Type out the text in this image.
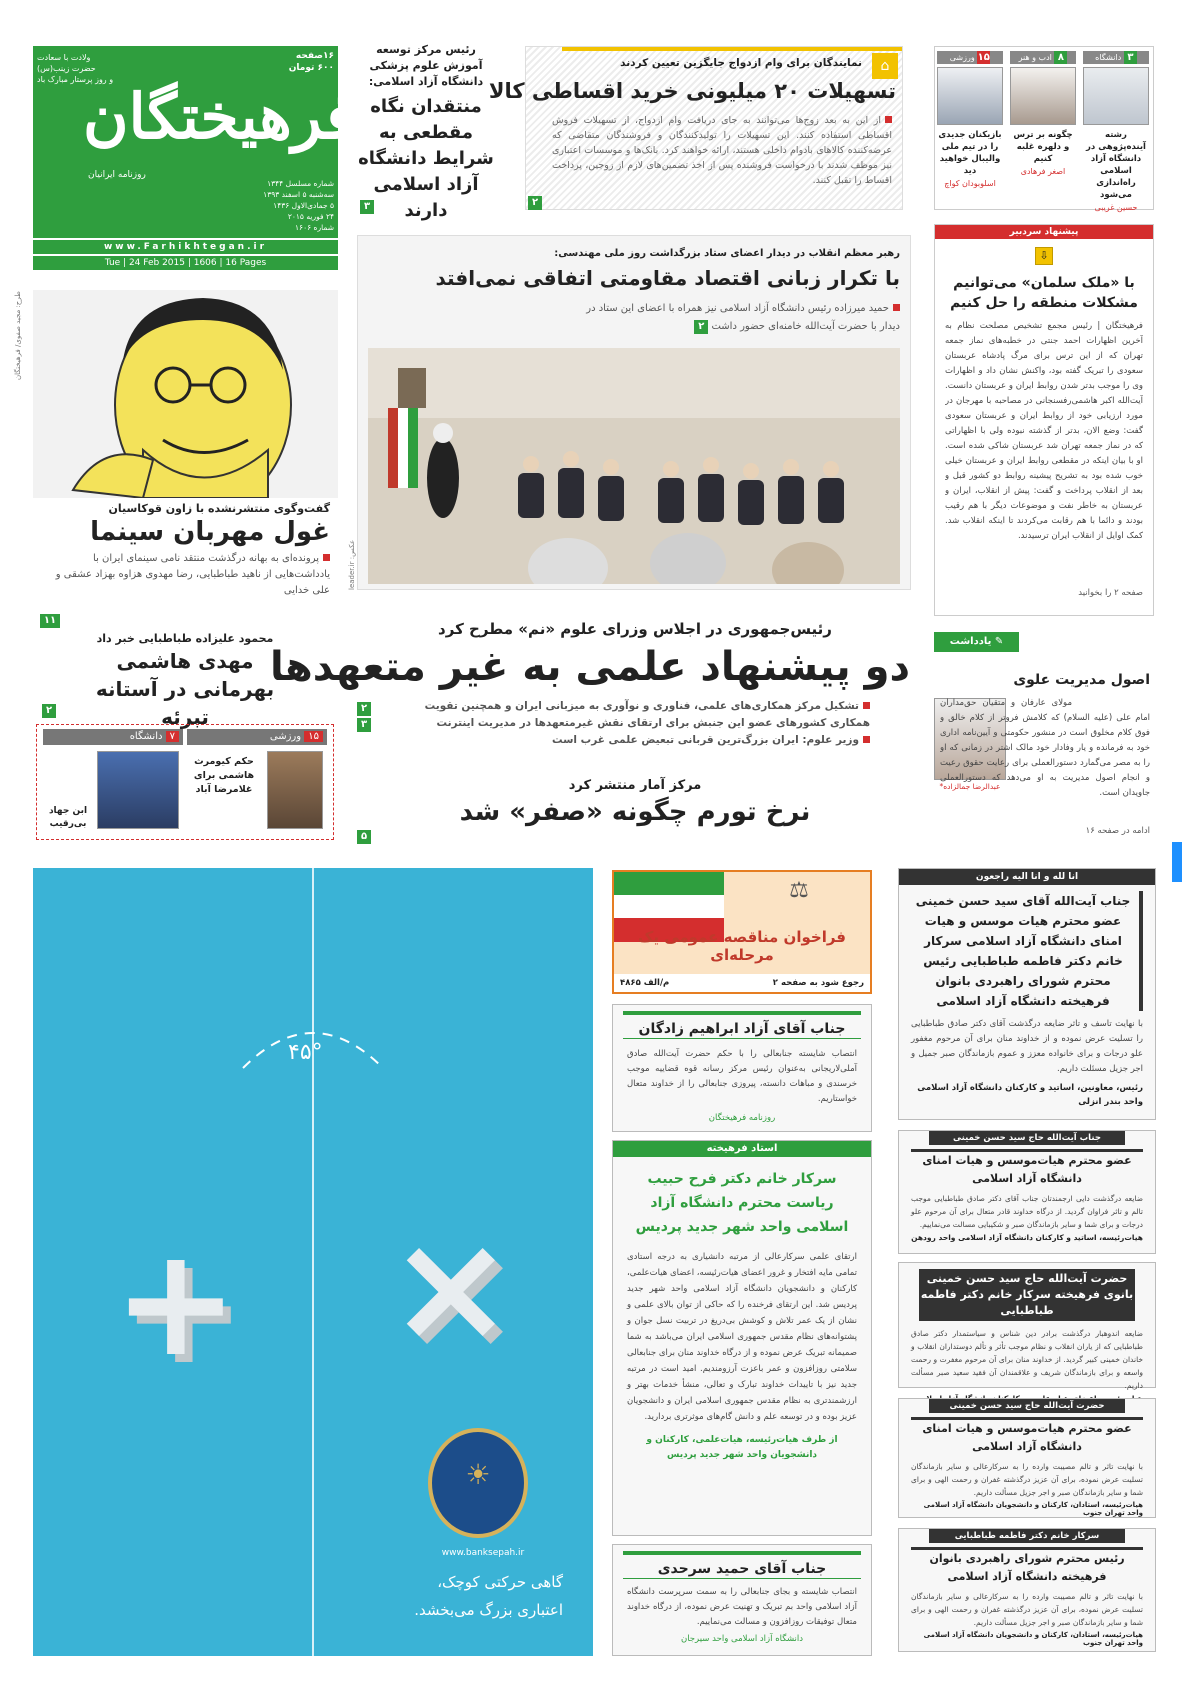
فرهیختگان
روزنامه ایرانیان
ولادت با سعادت
حضرت زینب(س)
و روز پرستار مبارک باد
شماره مسلسل ۱۳۴۴
سه‌شنبه ۵ اسفند ۱۳۹۳
۵ جمادی‌الاول ۱۴۳۶
۲۴ فوریه ۲۰۱۵
شماره ۱۶۰۶
۱۶صفحه
۶۰۰ تومان
www.Farhikhtegan.ir
Tue | 24 Feb 2015 | 1606 | 16 Pages
رئیس مرکز توسعه آموزش علوم پزشکی دانشگاه آزاد اسلامی:
منتقدان نگاه مقطعی به شرایط دانشگاه آزاد اسلامی دارند
۳
⌂
نمایندگان برای وام ازدواج جایگزین تعیین کردند
تسهیلات ۲۰ میلیونی خرید اقساطی کالا
از این به بعد زوج‌ها می‌توانند به جای دریافت وام ازدواج، از تسهیلات فروش اقساطی استفاده کنند. این تسهیلات را تولیدکنندگان و فروشندگان متقاضی که عرضه‌کننده کالاهای بادوام داخلی هستند، ارائه خواهند کرد. بانک‌ها و موسسات اعتباری نیز موظف شدند با درخواست فروشنده پس از اخذ تضمین‌های لازم از زوجین، پرداخت اقساط را تقبل کنند.
۲
۳ دانشگاه
رشته آینده‌پژوهی در دانشگاه آزاد اسلامی راه‌اندازی می‌شود
حسین غریبی
۸ ادب و هنر
چگونه بر ترس و دلهره غلبه کنیم
اصغر فرهادی
۱۵ ورزشی
بازیکنان جدیدی را در تیم ملی والیبال خواهید دید
اسلوبودان کواچ
پیشنهاد سردبیر
⇩
با «ملک سلمان» می‌توانیم مشکلات منطقه را حل کنیم
فرهیختگان | رئیس مجمع تشخیص مصلحت نظام به آخرین اظهارات احمد جنتی در خطبه‌های نماز جمعه تهران که از این ترس برای مرگ پادشاه عربستان سعودی را تبریک گفته بود، واکنش نشان داد و اظهارات وی را موجب بدتر شدن روابط ایران و عربستان دانست. آیت‌الله اکبر هاشمی‌رفسنجانی در مصاحبه با مهرجان در مورد ارزیابی خود از روابط ایران و عربستان سعودی گفت: وضع الان، بدتر از گذشته نبوده ولی با اظهاراتی که در نماز جمعه تهران شد عربستان شاکی شده است. او با بیان اینکه در مقطعی روابط ایران و عربستان خیلی خوب شده بود به تشریح پیشینه روابط دو کشور قبل و بعد از انقلاب پرداخت و گفت: پیش از انقلاب، ایران و عربستان به خاطر نفت و موضوعات دیگر با هم رقیب بودند و دائما با هم رقابت می‌کردند تا اینکه انقلاب شد. کمک اوایل از انقلاب ایران ترسیدند.
صفحه ۲ را بخوانید
طرح: مجید صفوی/ فرهیختگان
گفت‌وگوی منتشرنشده با زاون قوکاسیان
غول مهربان سینما
پرونده‌ای به بهانه درگذشت منتقد نامی سینمای ایران با یادداشت‌هایی از ناهید طباطبایی، رضا مهدوی هزاوه بهزاد عشقی و علی خدایی
۱۱
رهبر معظم انقلاب در دیدار اعضای ستاد بزرگداشت روز ملی مهندسی:
با تکرار زبانی اقتصاد مقاومتی اتفاقی نمی‌افتد
حمید میرزاده رئیس دانشگاه آزاد اسلامی نیز همراه با اعضای این ستاد در دیدار با حضرت آیت‌الله خامنه‌ای حضور داشت ۲
عکس: leader.ir
رئیس‌جمهوری در اجلاس وزرای علوم «نم» مطرح کرد
دو پیشنهاد علمی به غیر متعهدها
تشکیل مرکز همکاری‌های علمی، فناوری و نوآوری به میزبانی ایران و همچنین تقویت همکاری کشورهای عضو این جنبش برای ارتقای نقش غیرمتعهدها در مدیریت اینترنت
وزیر علوم: ایران بزرگ‌ترین قربانی تبعیض علمی غرب است
۲
۳
مرکز آمار منتشر کرد
نرخ تورم چگونه «صفر» شد
۵
محمود علیزاده طباطبایی خبر داد
مهدی هاشمی بهرمانی در آستانه تبرئه
۲
۱۵ ورزشی
حکم کیومرث هاشمی برای غلامرضا آباد
۷ دانشگاه
ابن جهاد بی‌رقیب
✎ یادداشت
اصول مدیریت علوی
عبدالرضا جمالزاده*
مولای عارفان و متقیان حق‌مداران امام علی (علیه السلام) که کلامش فروتر از کلام خالق و فوق کلام مخلوق است در منشور حکومتی و آیین‌نامه اداری خود به فرمانده و یار وفادار خود مالک اشتر در زمانی که او را به مصر می‌گمارد دستورالعملی برای رعایت حقوق رعیت و انجام اصول مدیریت به او می‌دهد که دستورالعملی جاویدان است.
ادامه در صفحه ۱۶
۴۵°
+ ×
☀
www.banksepah.ir
گاهی حرکتی کوچک،
اعتباری بزرگ می‌بخشد.
⚖
فراخوان مناقصه عمومی یک مرحله‌ای
رجوع شود به صفحه ۲
م/الف ۴۸۶۵
جناب آقای آزاد ابراهیم زادگان
انتصاب شایسته جنابعالی را با حکم حضرت آیت‌الله صادق آملی‌لاریجانی به‌عنوان رئیس مرکز رسانه قوه قضاییه موجب خرسندی و مباهات دانسته، پیروزی جنابعالی را از خداوند متعال خواستاریم.
روزنامه فرهیختگان
استاد فرهیخته
سرکار خانم دکتر فرح حبیب ریاست محترم دانشگاه آزاد اسلامی واحد شهر جدید پردیس
ارتقای علمی سرکارعالی از مرتبه دانشیاری به درجه استادی تمامی مایه افتخار و غرور اعضای هیات‌رئیسه، اعضای هیات‌علمی، کارکنان و دانشجویان دانشگاه آزاد اسلامی واحد شهر جدید پردیس شد. این ارتقای فرخنده را که حاکی از توان بالای علمی و نشان از یک عمر تلاش و کوشش بی‌دریغ در تربیت نسل جوان و پشتوانه‌های نظام مقدس جمهوری اسلامی ایران می‌باشد به شما صمیمانه تبریک عرض نموده و از درگاه خداوند منان برای جنابعالی سلامتی روزافزون و عمر باعزت آرزومندیم. امید است در مرتبه جدید نیز با تاییدات خداوند تبارک و تعالی، منشأ خدمات بهتر و ارزشمندتری به نظام مقدس جمهوری اسلامی ایران و دانشجویان عزیز بوده و در توسعه علم و دانش گام‌های موثرتری بردارید.
از طرف هیات‌رئیسه، هیات‌علمی، کارکنان و دانشجویان واحد شهر جدید پردیس
جناب آقای حمید سرحدی
انتصاب شایسته و بجای جنابعالی را به سمت سرپرست دانشگاه آزاد اسلامی واحد بم تبریک و تهنیت عرض نموده، از درگاه خداوند متعال توفیقات روزافزون و مسالت می‌نماییم.
دانشگاه آزاد اسلامی واحد سیرجان
انا لله و انا الیه راجعون
جناب آیت‌الله آقای سید حسن خمینی عضو محترم هیات موسس و هیات امنای دانشگاه آزاد اسلامی سرکار خانم دکتر فاطمه طباطبایی رئیس محترم شورای راهبردی بانوان فرهیخته دانشگاه آزاد اسلامی
با نهایت تاسف و تاثر ضایعه درگذشت آقای دکتر صادق طباطبایی را تسلیت عرض نموده و از خداوند منان برای آن مرحوم مغفور علو درجات و برای خانواده معزز و عموم بازماندگان صبر جمیل و اجر جزیل مسئلت داریم.
رئیس، معاونین، اساتید و کارکنان دانشگاه آزاد اسلامی واحد بندر انزلی
جناب آیت‌الله حاج سید حسن خمینی
عضو محترم هیات‌موسس و هیات امنای دانشگاه آزاد اسلامی
ضایعه درگذشت دایی ارجمندتان جناب آقای دکتر صادق طباطبایی موجب تالم و تاثر فراوان گردید. از درگاه خداوند قادر متعال برای آن مرحوم علو درجات و برای شما و سایر بازماندگان صبر و شکیبایی مسالت می‌نماییم.
هیات‌رئیسه، اساتید و کارکنان دانشگاه آزاد اسلامی واحد رودهن
حضرت آیت‌الله حاج سید حسن خمینی بانوی فرهیخته سرکار خانم دکتر فاطمه طباطبایی
ضایعه اندوهبار درگذشت برادر دین شناس و سیاستمدار دکتر صادق طباطبایی که از یاران انقلاب و نظام موجب تأثر و تألم دوستداران انقلاب و خاندان خمینی کبیر گردید. از خداوند منان برای آن مرحوم مغفرت و رحمت واسعه و برای بازماندگان شریف و علاقمندان آن فقید سعید صبر مسألت داریم.
حضرت آیت‌الله حاج سید حسن خمینی
عضو محترم هیات‌موسس و هیات امنای دانشگاه آزاد اسلامی
با نهایت تاثر و تالم مصیبت وارده را به سرکارعالی و سایر بازماندگان تسلیت عرض نموده، برای آن عزیز درگذشته غفران و رحمت الهی و برای شما و سایر بازماندگان صبر و اجر جزیل مسألت داریم.
هیات‌رئیسه، استادان، کارکنان و دانشجویان دانشگاه آزاد اسلامی واحد تهران جنوب
سرکار خانم دکتر فاطمه طباطبایی
رئیس محترم شورای راهبردی بانوان فرهیخته دانشگاه آزاد اسلامی
با نهایت تاثر و تالم مصیبت وارده را به سرکارعالی و سایر بازماندگان تسلیت عرض نموده، برای آن عزیز درگذشته غفران و رحمت الهی و برای شما و سایر بازماندگان صبر و اجر جزیل مسألت داریم.
هیات‌رئیسه، استادان، کارکنان و دانشجویان دانشگاه آزاد اسلامی واحد تهران جنوب
